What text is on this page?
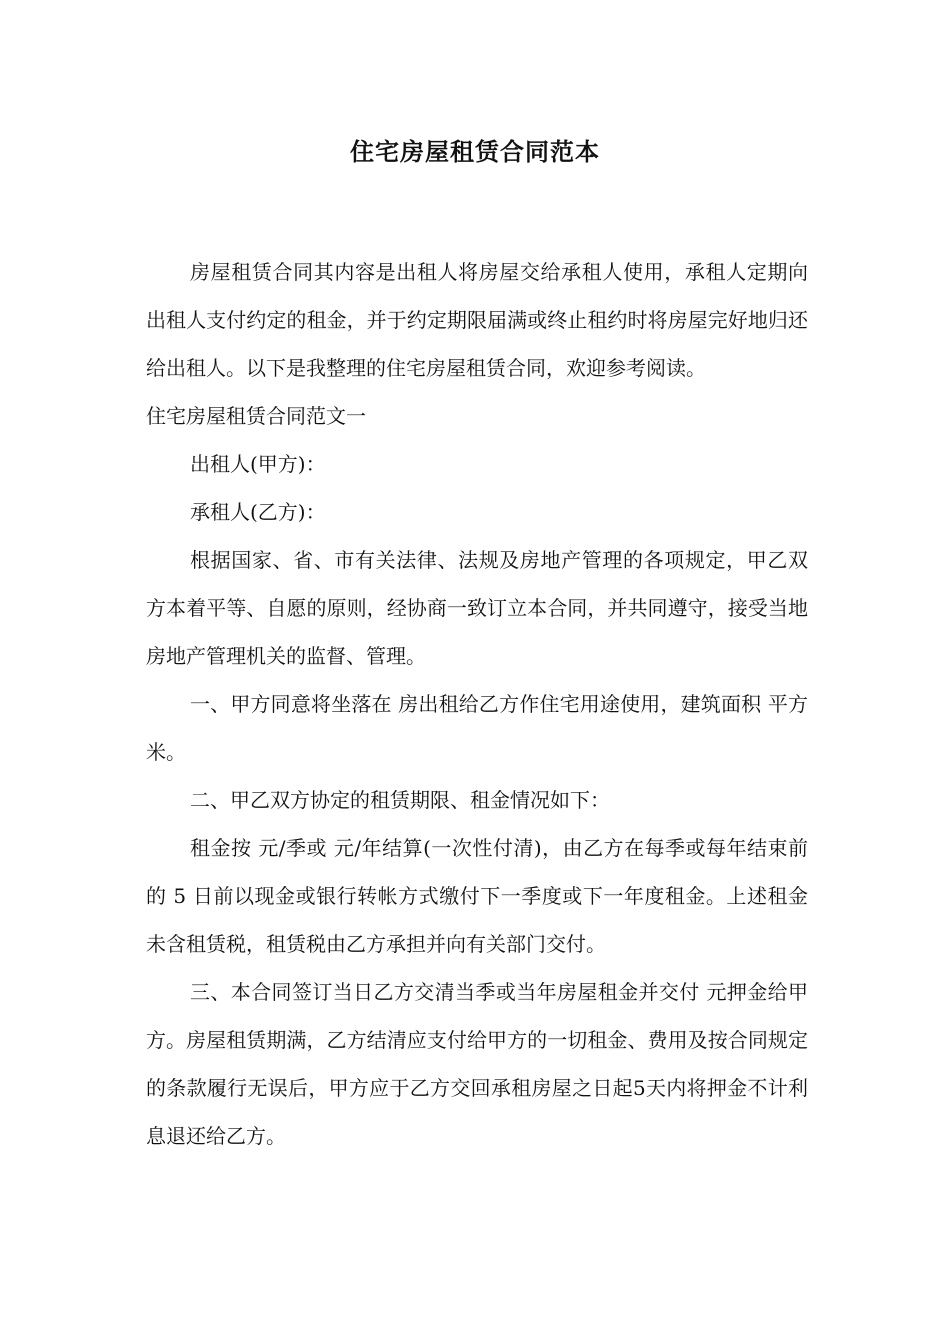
住宅房屋租赁合同范本

房屋租赁合同其内容是出租人将房屋交给承租人使用，承租人定期向出租人支付约定的租金，并于约定期限届满或终止租约时将房屋完好地归还给出租人。以下是我整理的住宅房屋租赁合同，欢迎参考阅读。

住宅房屋租赁合同范文一

出租人(甲方)：

承租人(乙方)：

根据国家、省、市有关法律、法规及房地产管理的各项规定，甲乙双方本着平等、自愿的原则，经协商一致订立本合同，并共同遵守，接受当地房地产管理机关的监督、管理。

一、甲方同意将坐落在 房出租给乙方作住宅用途使用，建筑面积 平方米。

二、甲乙双方协定的租赁期限、租金情况如下：

租金按 元/季或 元/年结算(一次性付清)，由乙方在每季或每年结束前的 5 日前以现金或银行转帐方式缴付下一季度或下一年度租金。上述租金未含租赁税，租赁税由乙方承担并向有关部门交付。

三、本合同签订当日乙方交清当季或当年房屋租金并交付 元押金给甲方。房屋租赁期满，乙方结清应支付给甲方的一切租金、费用及按合同规定的条款履行无误后，甲方应于乙方交回承租房屋之日起5天内将押金不计利息退还给乙方。
